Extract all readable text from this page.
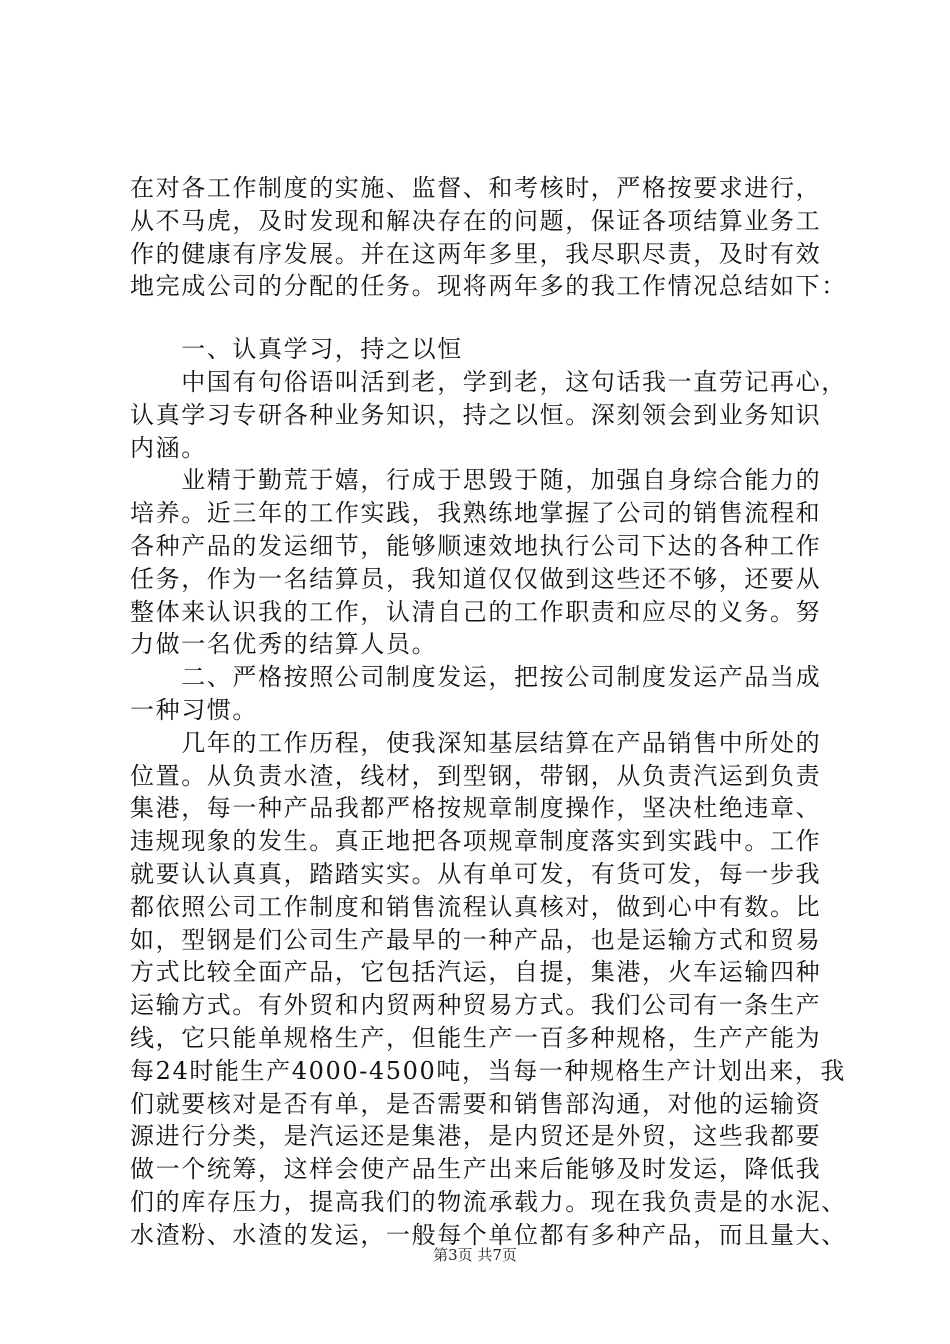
在对各工作制度的实施、监督、和考核时，严格按要求进行，
从不马虎，及时发现和解决存在的问题，保证各项结算业务工
作的健康有序发展。并在这两年多里，我尽职尽责，及时有效
地完成公司的分配的任务。现将两年多的我工作情况总结如下：
　　一、认真学习，持之以恒
　　中国有句俗语叫活到老，学到老，这句话我一直劳记再心，
认真学习专研各种业务知识，持之以恒。深刻领会到业务知识
内涵。
　　业精于勤荒于嬉，行成于思毁于随，加强自身综合能力的
培养。近三年的工作实践，我熟练地掌握了公司的销售流程和
各种产品的发运细节，能够顺速效地执行公司下达的各种工作
任务，作为一名结算员，我知道仅仅做到这些还不够，还要从
整体来认识我的工作，认清自己的工作职责和应尽的义务。努
力做一名优秀的结算人员。
　　二、严格按照公司制度发运，把按公司制度发运产品当成
一种习惯。
　　几年的工作历程，使我深知基层结算在产品销售中所处的
位置。从负责水渣，线材，到型钢，带钢，从负责汽运到负责
集港，每一种产品我都严格按规章制度操作，坚决杜绝违章、
违规现象的发生。真正地把各项规章制度落实到实践中。工作
就要认认真真，踏踏实实。从有单可发，有货可发，每一步我
都依照公司工作制度和销售流程认真核对，做到心中有数。比
如，型钢是们公司生产最早的一种产品，也是运输方式和贸易
方式比较全面产品，它包括汽运，自提，集港，火车运输四种
运输方式。有外贸和内贸两种贸易方式。我们公司有一条生产
线，它只能单规格生产，但能生产一百多种规格，生产产能为
每24时能生产4000-4500吨，当每一种规格生产计划出来，我
们就要核对是否有单，是否需要和销售部沟通，对他的运输资
源进行分类，是汽运还是集港，是内贸还是外贸，这些我都要
做一个统筹，这样会使产品生产出来后能够及时发运，降低我
们的库存压力，提高我们的物流承载力。现在我负责是的水泥、
水渣粉、水渣的发运，一般每个单位都有多种产品，而且量大、
第3页 共7页
